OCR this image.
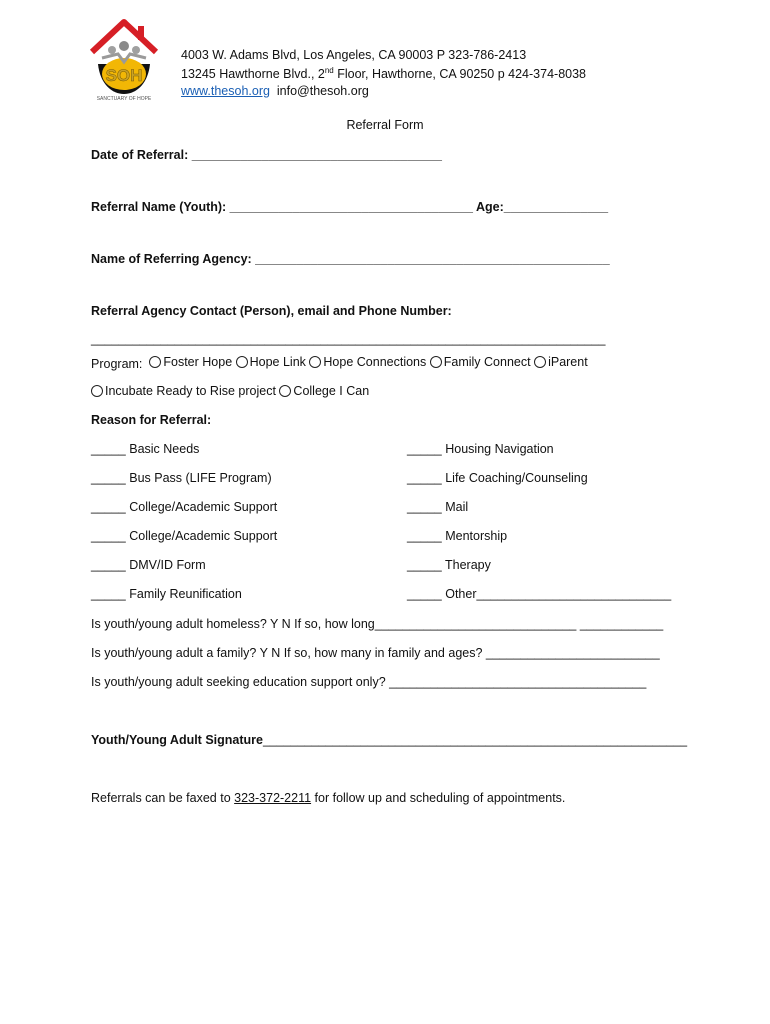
SOH
SANCTUARY OF HOPE
4003 W. Adams Blvd, Los Angeles, CA 90003 P 323-786-2413
13245 Hawthorne Blvd., 2nd Floor, Hawthorne, CA 90250 p 424-374-8038
www.thesoh.org info@thesoh.org
Referral Form
Date of Referral: ____________________________________
Referral Name (Youth): ___________________________________ Age:_______________
Name of Referring Agency: ___________________________________________________
Referral Agency Contact (Person), email and Phone Number:
__________________________________________________________________________
Program: Foster Hope
Hope Link
Hope Connections
Family Connect
iParent
Incubate Ready to Rise project
College I Can
Reason for Referral:
_____ Basic Needs
_____ Bus Pass (LIFE Program)
_____ College/Academic Support
_____ College/Academic Support
_____ DMV/ID Form
_____ Family Reunification
_____ Housing Navigation
_____ Life Coaching/Counseling
_____ Mail
_____ Mentorship
_____ Therapy
_____ Other____________________________
Is youth/young adult homeless? Y N If so, how long_____________________________ ____________
Is youth/young adult a family? Y N If so, how many in family and ages? _________________________
Is youth/young adult seeking education support only? _____________________________________
Youth/Young Adult Signature_____________________________________________________________
Referrals can be faxed to 323-372-2211 for follow up and scheduling of appointments.
